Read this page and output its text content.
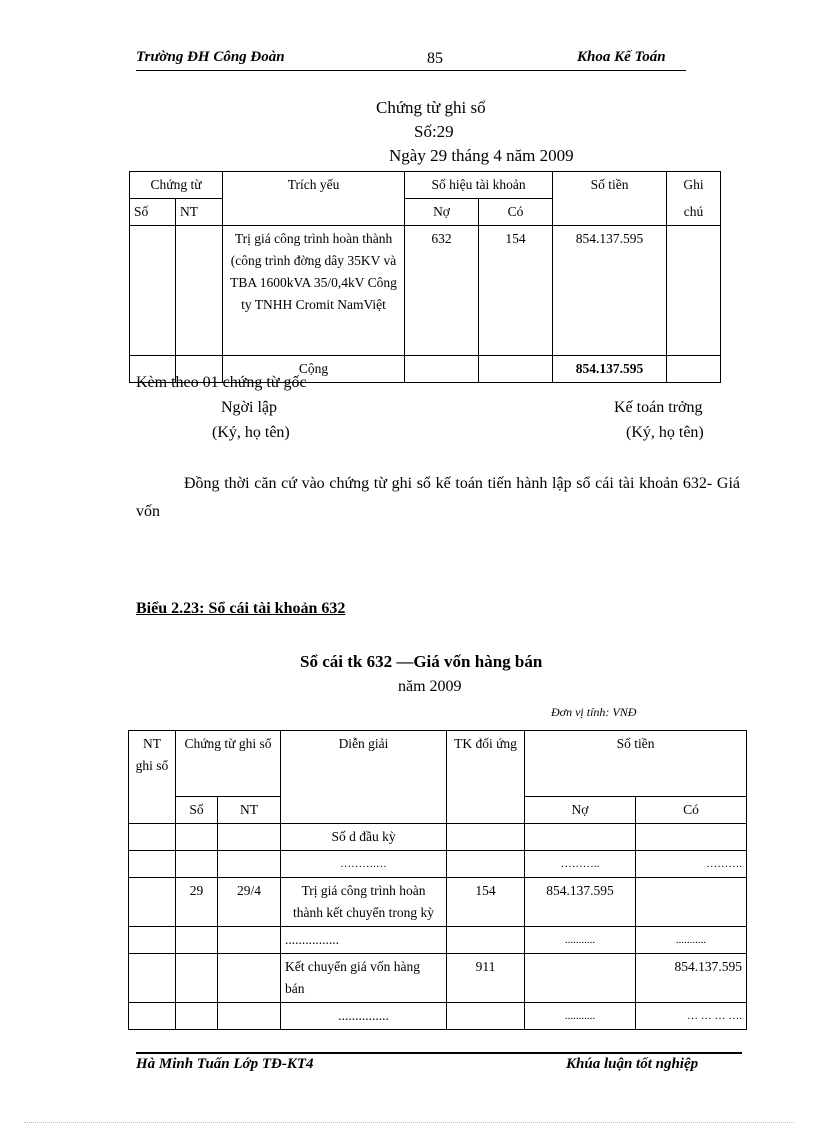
Trường ĐH Công Đoàn	85	Khoa Kế Toán
Chứng từ ghi sổ
Số:29
Ngày 29 tháng 4 năm 2009
Chứng từ		Trích yếu	Số hiệu tài khoản		Số tiền	Ghi
Số	NT		Nợ	Có		chú
		Trị giá công trình hoàn thành (công trình đờng dây 35KV và TBA 1600kVA 35/0,4kV Công ty TNHH Cromit NamViệt	632	154	854.137.595	
		Cộng			854.137.595	
Kèm theo 01 chứng từ gốc
Ngời lập
(Ký, họ tên)
Kế toán trởng
(Ký, họ tên)
Đồng thời căn cứ vào chứng từ ghi sổ kế toán tiến hành lập sổ cái tài khoản 632- Giá vốn
Biểu 2.23: Sổ cái tài khoản 632
Sổ cái tk 632 —Giá vốn hàng bán
năm 2009
Đơn vị tính: VNĐ
NT ghi sổ	Chứng từ ghi sổ		Diễn giải	TK đối ứng	Số tiền	
	Số	NT			Nợ	Có
			Số d đầu kỳ			
			……….…		………..	……….
	29	29/4	Trị giá công trình hoàn thành kết chuyển trong kỳ	154	854.137.595	
			................		...........	...........
			Kết chuyển giá vốn hàng bán	911		854.137.595
			...............		...........	… … … ….
Hà Minh Tuấn Lớp TĐ-KT4	Khúa luận tốt nghiệp
